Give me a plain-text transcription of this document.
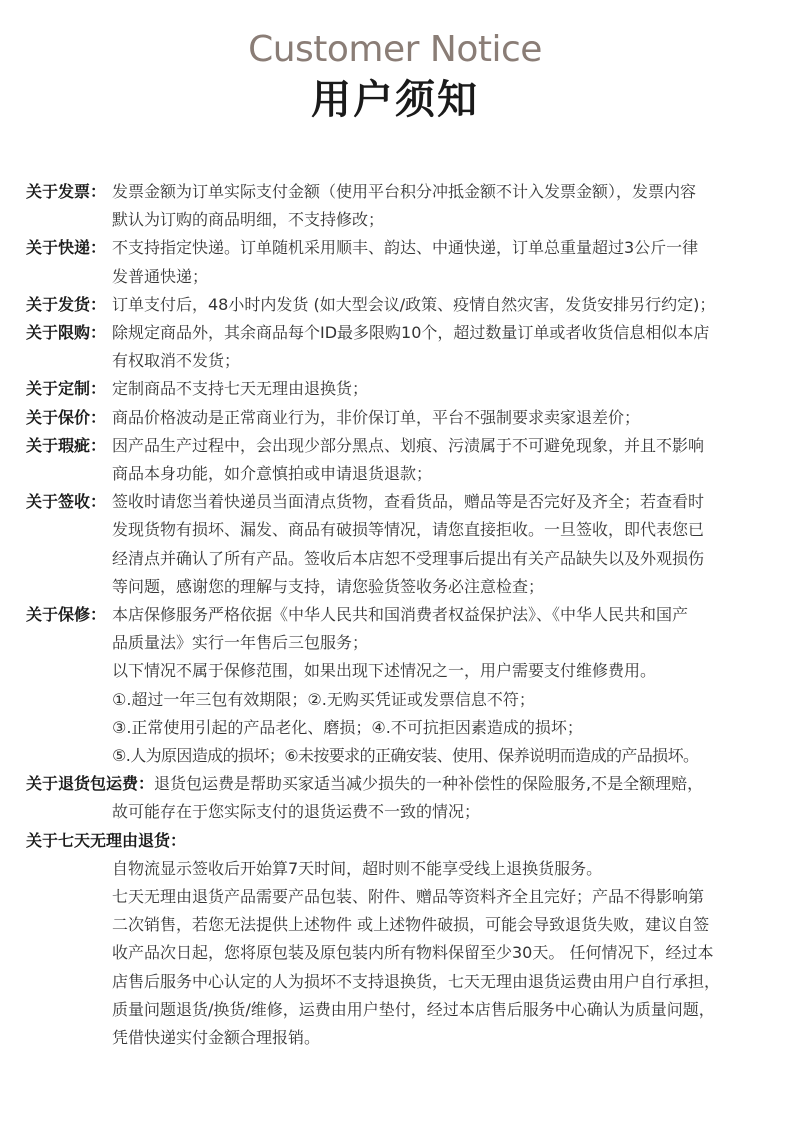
Customer Notice
用户须知
关于发票： 发票金额为订单实际支付金额（使用平台积分冲抵金额不计入发票金额），发票内容
默认为订购的商品明细，不支持修改；
关于快递： 不支持指定快递。订单随机采用顺丰、韵达、中通快递，订单总重量超过3公斤一律
发普通快递；
关于发货： 订单支付后，48小时内发货 (如大型会议/政策、疫情自然灾害，发货安排另行约定)；
关于限购： 除规定商品外，其余商品每个ID最多限购10个，超过数量订单或者收货信息相似本店
有权取消不发货；
关于定制： 定制商品不支持七天无理由退换货；
关于保价： 商品价格波动是正常商业行为，非价保订单，平台不强制要求卖家退差价；
关于瑕疵： 因产品生产过程中，会出现少部分黑点、划痕、污渍属于不可避免现象，并且不影响
商品本身功能，如介意慎拍或申请退货退款；
关于签收： 签收时请您当着快递员当面清点货物，查看货品，赠品等是否完好及齐全；若查看时
发现货物有损坏、漏发、商品有破损等情况，请您直接拒收。一旦签收，即代表您已
经清点并确认了所有产品。签收后本店恕不受理事后提出有关产品缺失以及外观损伤
等问题，感谢您的理解与支持，请您验货签收务必注意检查；
关于保修： 本店保修服务严格依据《中华人民共和国消费者权益保护法》、《中华人民共和国产
品质量法》实行一年售后三包服务；
以下情况不属于保修范围，如果出现下述情况之一，用户需要支付维修费用。
①.超过一年三包有效期限；②.无购买凭证或发票信息不符；
③.正常使用引起的产品老化、磨损；④.不可抗拒因素造成的损坏；
⑤.人为原因造成的损坏；⑥未按要求的正确安装、使用、保养说明而造成的产品损坏。
关于退货包运费：退货包运费是帮助买家适当减少损失的一种补偿性的保险服务,不是全额理赔，
故可能存在于您实际支付的退货运费不一致的情况；
关于七天无理由退货：
自物流显示签收后开始算7天时间，超时则不能享受线上退换货服务。
七天无理由退货产品需要产品包装、附件、赠品等资料齐全且完好；产品不得影响第
二次销售，若您无法提供上述物件 或上述物件破损，可能会导致退货失败，建议自签
收产品次日起，您将原包装及原包装内所有物料保留至少30天。 任何情况下，经过本
店售后服务中心认定的人为损坏不支持退换货，七天无理由退货运费由用户自行承担，
质量问题退货/换货/维修，运费由用户垫付，经过本店售后服务中心确认为质量问题，
凭借快递实付金额合理报销。
